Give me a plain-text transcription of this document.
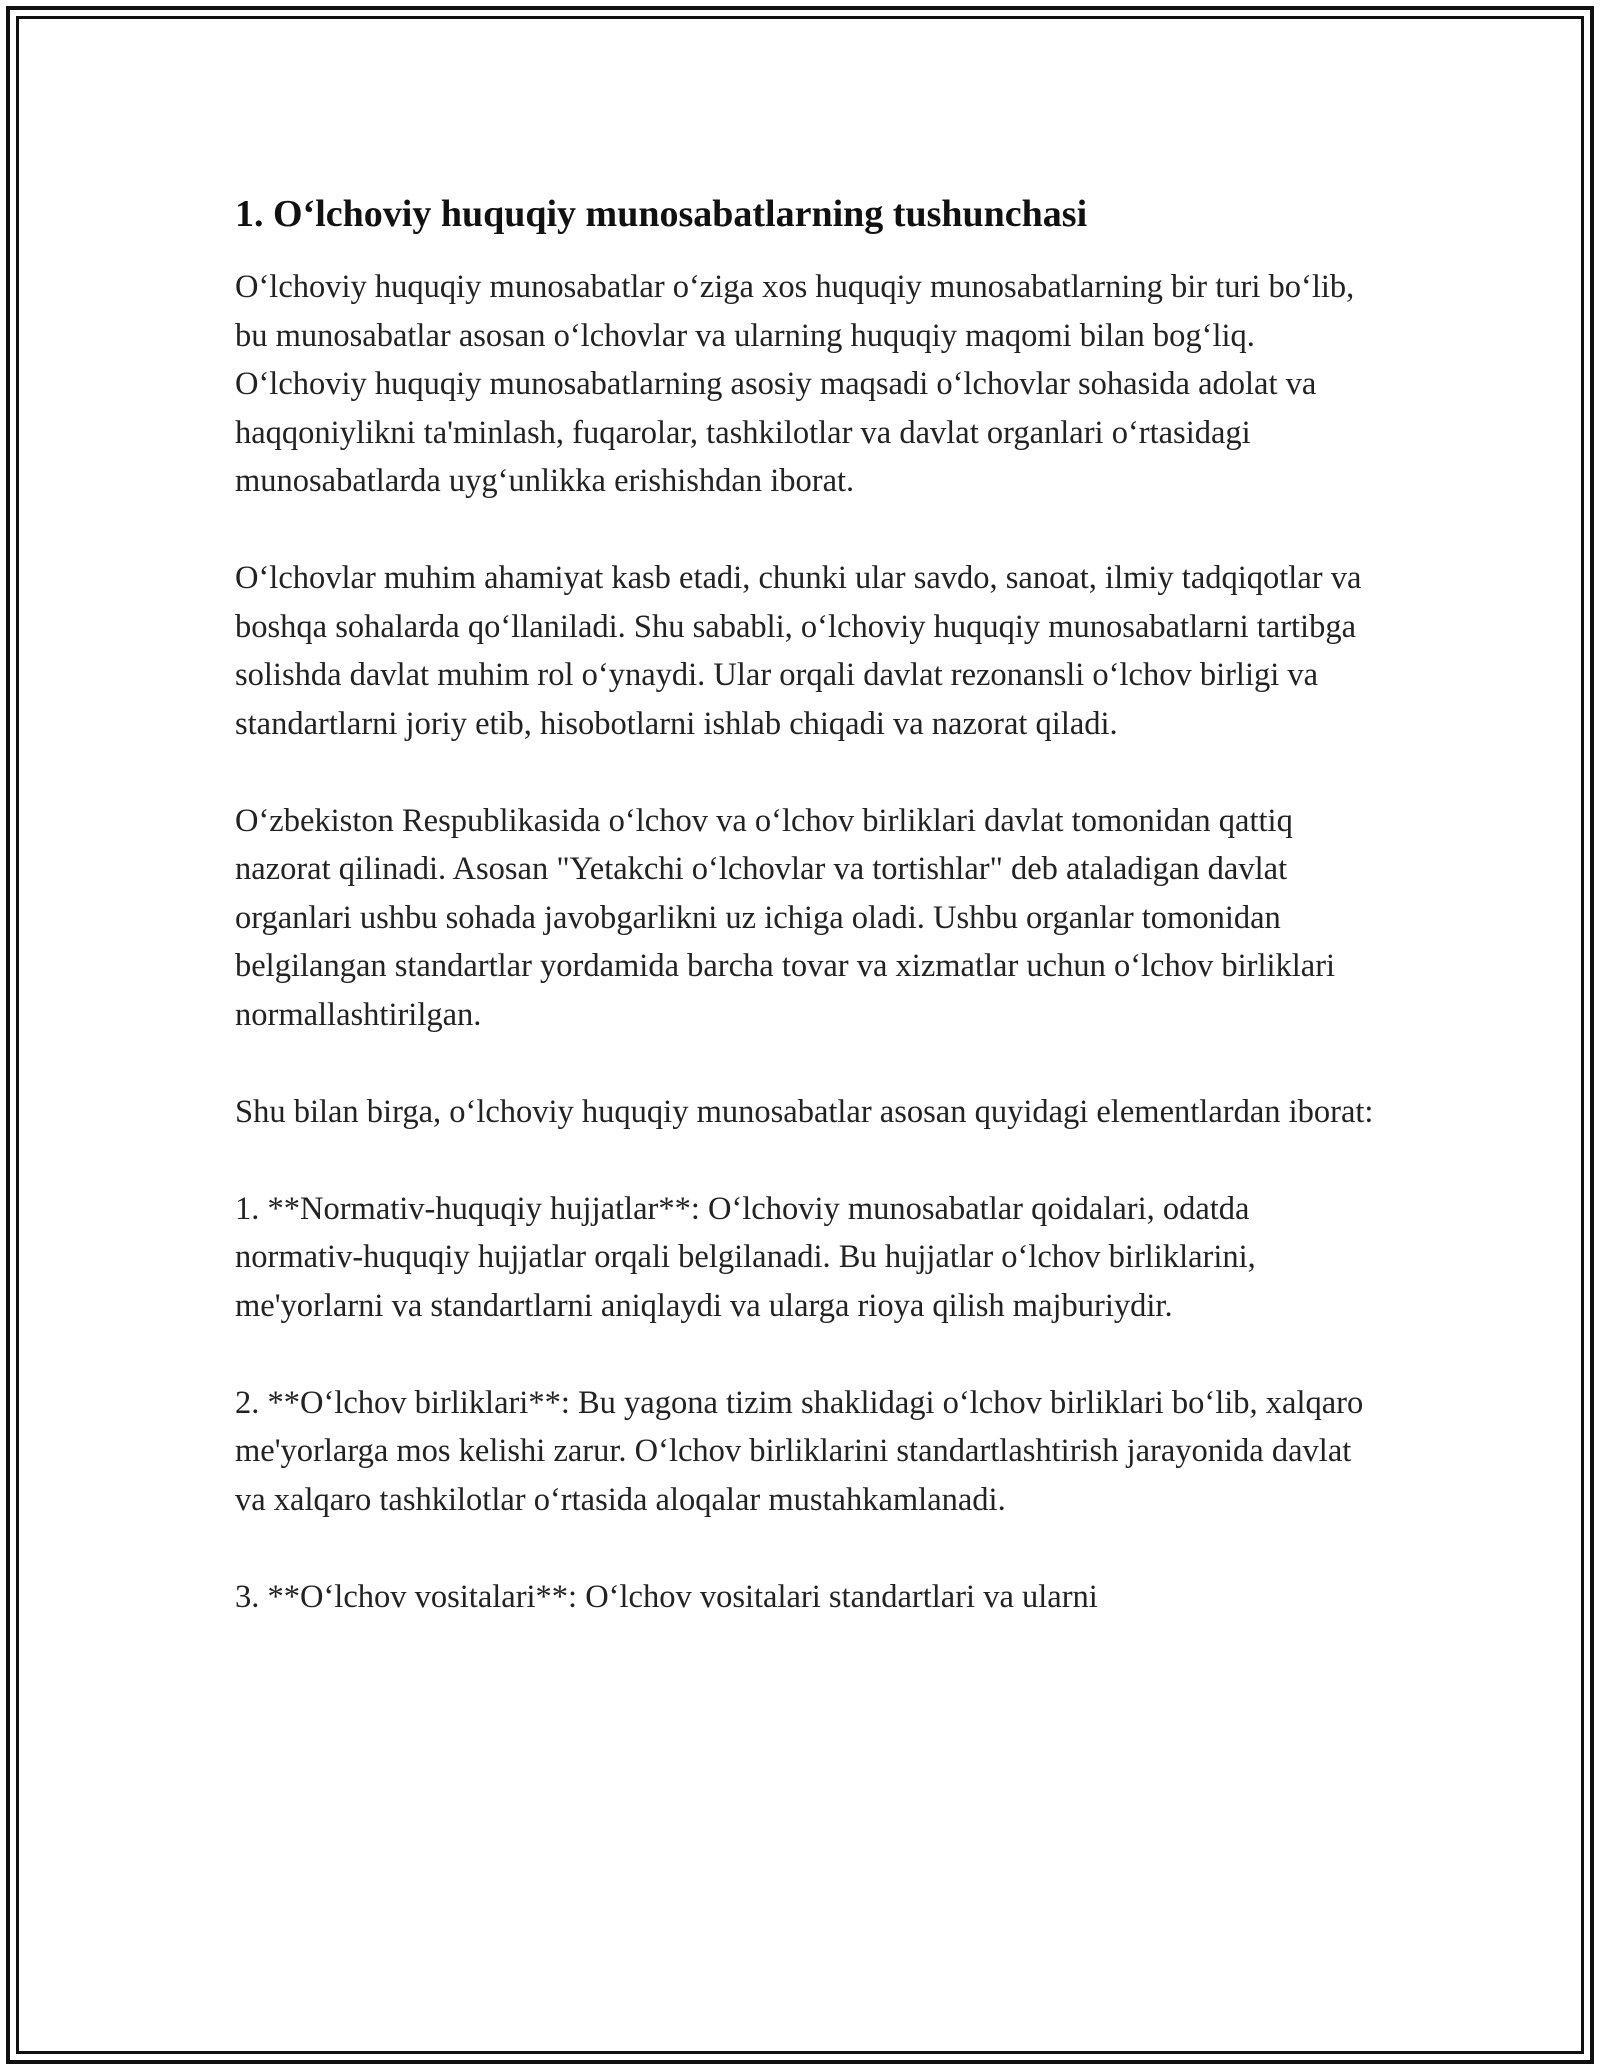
1. O‘lchoviy huquqiy munosabatlarning tushunchasi

O‘lchoviy huquqiy munosabatlar o‘ziga xos huquqiy munosabatlarning bir turi bo‘lib, bu munosabatlar asosan o‘lchovlar va ularning huquqiy maqomi bilan bog‘liq. O‘lchoviy huquqiy munosabatlarning asosiy maqsadi o‘lchovlar sohasida adolat va haqqoniylikni ta'minlash, fuqarolar, tashkilotlar va davlat organlari o‘rtasidagi munosabatlarda uyg‘unlikka erishishdan iborat.

O‘lchovlar muhim ahamiyat kasb etadi, chunki ular savdo, sanoat, ilmiy tadqiqotlar va boshqa sohalarda qo‘llaniladi. Shu sababli, o‘lchoviy huquqiy munosabatlarni tartibga solishda davlat muhim rol o‘ynaydi. Ular orqali davlat rezonansli o‘lchov birligi va standartlarni joriy etib, hisobotlarni ishlab chiqadi va nazorat qiladi.

O‘zbekiston Respublikasida o‘lchov va o‘lchov birliklari davlat tomonidan qattiq nazorat qilinadi. Asosan "Yetakchi o‘lchovlar va tortishlar" deb ataladigan davlat organlari ushbu sohada javobgarlikni uz ichiga oladi. Ushbu organlar tomonidan belgilangan standartlar yordamida barcha tovar va xizmatlar uchun o‘lchov birliklari normallashtirilgan.

Shu bilan birga, o‘lchoviy huquqiy munosabatlar asosan quyidagi elementlardan iborat:

1. **Normativ-huquqiy hujjatlar**: O‘lchoviy munosabatlar qoidalari, odatda normativ-huquqiy hujjatlar orqali belgilanadi. Bu hujjatlar o‘lchov birliklarini, me'yorlarni va standartlarni aniqlaydi va ularga rioya qilish majburiydir.

2. **O‘lchov birliklari**: Bu yagona tizim shaklidagi o‘lchov birliklari bo‘lib, xalqaro me'yorlarga mos kelishi zarur. O‘lchov birliklarini standartlashtirish jarayonida davlat va xalqaro tashkilotlar o‘rtasida aloqalar mustahkamlanadi.

3. **O‘lchov vositalari**: O‘lchov vositalari standartlari va ularni
